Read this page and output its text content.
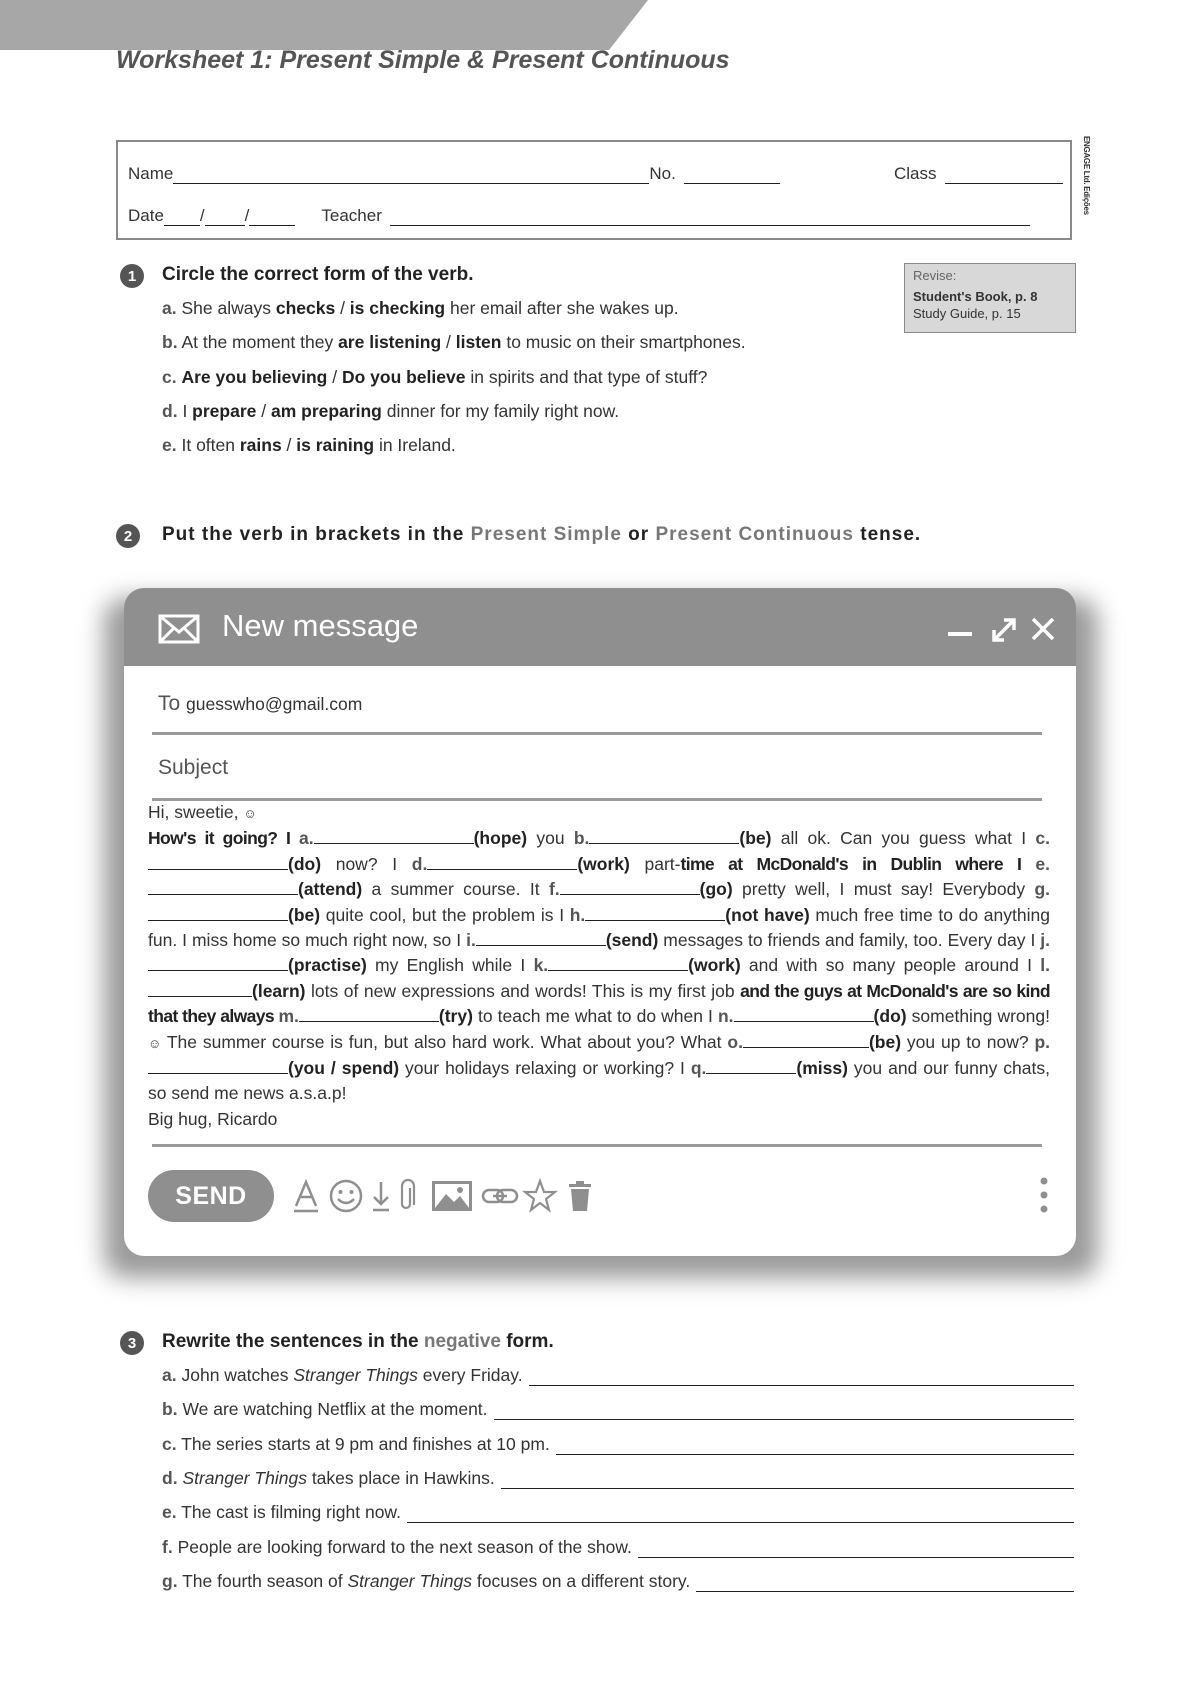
Worksheet 1: Present Simple & Present Continuous
Name	No.	Class
Date / /	Teacher
ENGAGE Ltd. Edições
1	Circle the correct form of the verb.	Revise:
Student's Book, p. 8
Study Guide, p. 15
a. She always checks / is checking her email after she wakes up.
b. At the moment they are listening / listen to music on their smartphones.
c. Are you believing / Do you believe in spirits and that type of stuff?
d. I prepare / am preparing dinner for my family right now.
e. It often rains / is raining in Ireland.
2	Put the verb in brackets in the Present Simple or Present Continuous tense.
New message
To guesswho@gmail.com
Subject
Hi, sweetie, ☺
How's it going? I a.	(hope) you b.	(be) all ok. Can you guess what I c.(do) now? I d.	(work) part-time at McDonald's in Dublin where I e.(attend) a summer course. It f.	(go) pretty well, I must say! Everybody g.(be) quite cool, but the problem is I h.	(not have) much free time to do anything fun. I miss home so much right now, so I i.	(send) messages to friends and family, too. Every day I j.(practise) my English while I k.	(work) and with so many people around I l.(learn) lots of new expressions and words! This is my first job and the guys at McDonald's are so kind that they always m.	(try) to teach me what to do when I n.	(do) something wrong! ☺ The summer course is fun, but also hard work. What about you? What o.	(be) you up to now? p.(you / spend) your holidays relaxing or working? I q.	(miss) you and our funny chats, so send me news a.s.a.p!
Big hug, Ricardo
SEND
3	Rewrite the sentences in the negative form.
a. John watches Stranger Things every Friday.
b. We are watching Netflix at the moment.
c. The series starts at 9 pm and finishes at 10 pm.
d. Stranger Things takes place in Hawkins.
e. The cast is filming right now.
f. People are looking forward to the next season of the show.
g. The fourth season of Stranger Things focuses on a different story.
